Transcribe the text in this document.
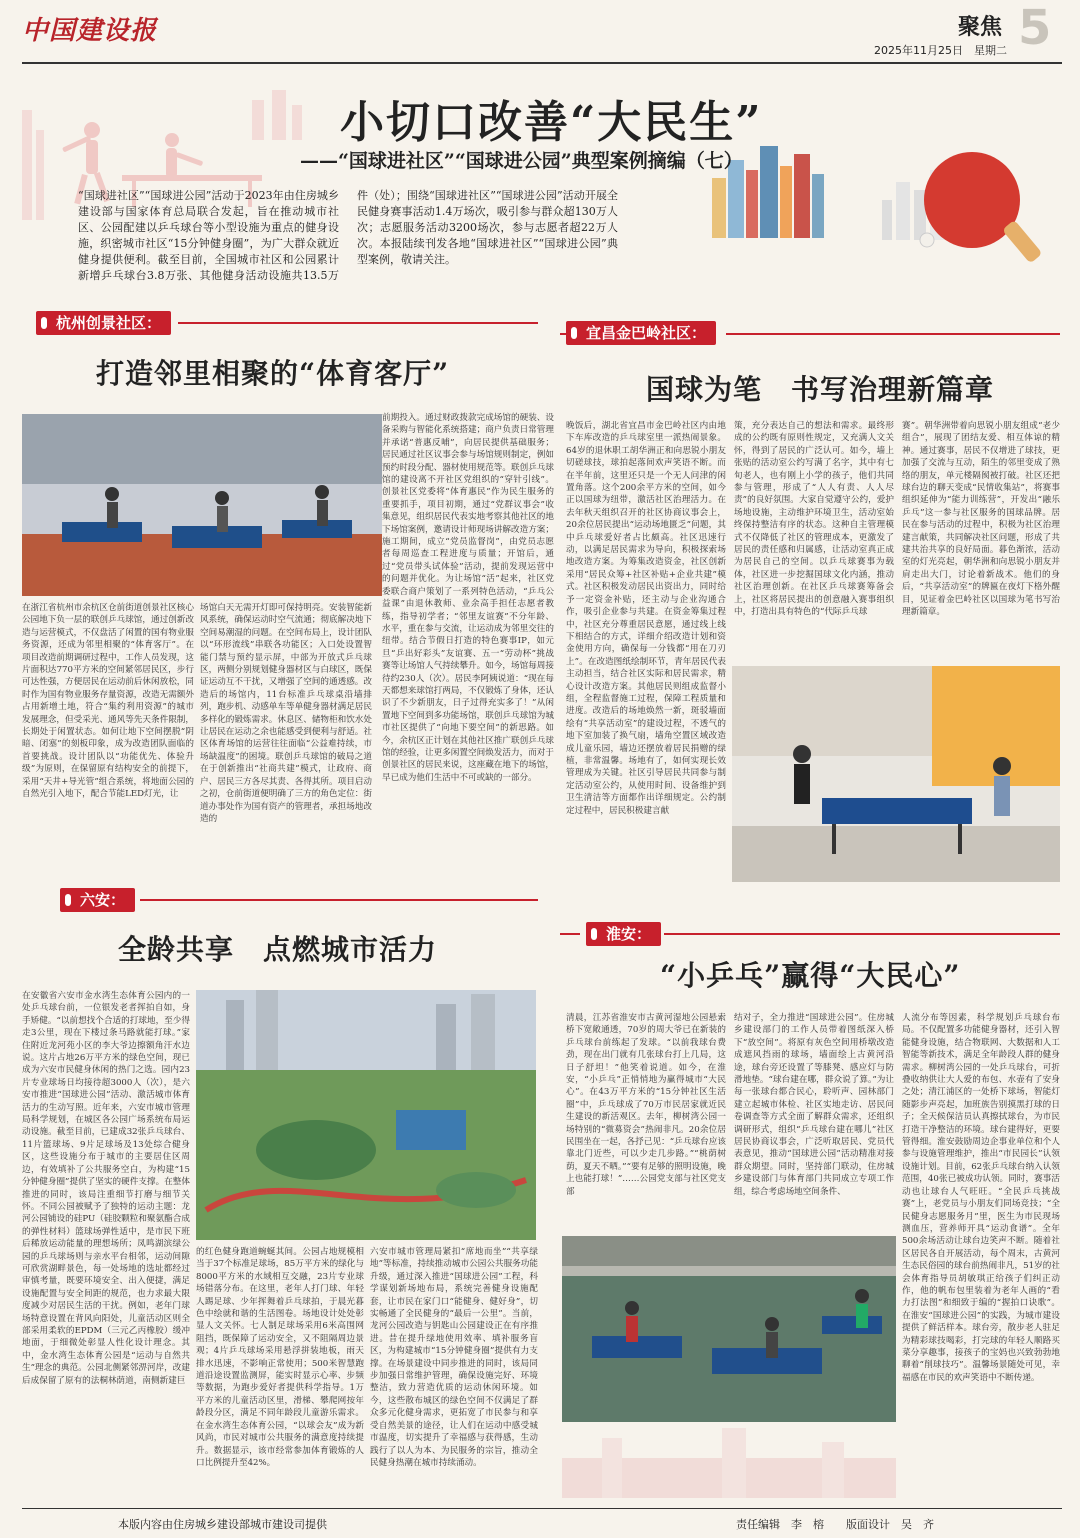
中国建设报	聚焦 5
2025年11月25日　星期二
小切口改善“大民生”
——“国球进社区”“国球进公园”典型案例摘编（七）
“国球进社区”“国球进公园”活动于2023年由住房城乡建设部与国家体育总局联合发起，旨在推动城市社区、公园配建以乒乓球台等小型设施为重点的健身设施，织密城市社区“15分钟健身圈”，为广大群众就近健身提供便利。截至目前，全国城市社区和公园累计新增乒乓球台3.8万张、其他健身活动设施共13.5万件（处）；围绕“国球进社区”“国球进公园”活动开展全民健身赛事活动1.4万场次，吸引参与群众超130万人次；志愿服务活动3200场次，参与志愿者超22万人次。本报陆续刊发各地“国球进社区”“国球进公园”典型案例，敬请关注。
杭州创景社区：
打造邻里相聚的“体育客厅”
在浙江省杭州市余杭区仓前街道创景社区核心公园地下负一层的联创乒乓球馆，通过创新改造与运营模式，不仅盘活了闲置的国有物业服务资源，还成为邻里相聚的“体育客厅”。在项目改造前期调研过程中，工作人员发现，这片面积达770平方米的空间紧邻居民区，步行可达性强，方便居民在运动前后休闲放松，同时作为国有物业服务存量资源，改造无需额外占用新增土地，符合“集约利用资源”的城市发展理念，但受采光、通风等先天条件限制，长期处于闲置状态。如何让地下空间摆脱“阴暗、闭塞”的刻板印象，成为改造团队面临的首要挑战。设计团队以“功能优先、体验升级”为原则，在保留原有结构安全的前提下，采用“天井+导光管”组合系统，将地面公园的自然光引入地下，配合节能LED灯光，让
场馆白天无需开灯即可保持明亮。安装智能新风系统，确保运动时空气流通；彻底解决地下空间易潮湿的问题。在空间布局上，设计团队以“环形流线”串联各功能区；入口处设置智能门禁与预约显示屏，中部为开放式乒乓球区，两侧分别规划健身器材区与白球区，既保证运动互不干扰，又增强了空间的通透感。改造后的场馆内，11台标准乒乓球桌沿墙排列，跑步机、动感单车等单健身器材满足居民多样化的锻炼需求。休息区、储物柜和饮水处让居民在运动之余也能感受到便利与舒适。社区体育场馆的运营往往面临“公益难持续，市场缺温度”的困境。联创乒乓球馆的破局之道在于创新推出“社商共建”模式，让政府、商户、居民三方各尽其责、各得其所。项目启动之初，仓前街道便明确了三方的角色定位：街道办事处作为国有资产的管理者，承担场地改造的
前期投入。通过财政拨款完成场馆的硬装、设备采购与智能化系统搭建；商户负责日常管理并承诺“普惠反哺”，向居民提供基础服务；居民通过社区议事会参与场馆规则制定，例如预约时段分配、器材使用规范等。联创乒乓球馆的建设离不开社区党组织的“穿针引线”。创景社区党委将“体育惠民”作为民生服务的重要抓手，项目初期，通过“党群议事会”收集意见，组织居民代表实地考察其他社区的地下场馆案例，邀请设计师现场讲解改造方案；施工期间，成立“党员监督岗”，由党员志愿者每周巡查工程进度与质量；开馆后，通过“党员带头试体验”活动，提前发现运营中的问题并优化。为让场馆“活”起来，社区党委联合商户策划了一系列特色活动，“乒乓公益课”由退休教师、业余高手担任志愿者教练，指导初学者；“邻里友谊赛”不分年龄、水平，重在参与交流，让运动成为邻里交往的纽带。结合节假日打造的特色赛事IP，如元旦“乒出好彩头”友谊赛、五一“劳动杯”挑战赛等让场馆人气持续攀升。如今，场馆每周接待约230人（次）。居民李阿姨说道：“现在每天都想来球馆打两局，不仅锻炼了身体，还认识了不少新朋友，日子过得充实多了！”从闲置地下空间到多功能场馆，联创乒乓球馆为城市社区提供了“向地下要空间”的新思路。如今，余杭区正计划在其他社区推广联创乒乓球馆的经验，让更多闲置空间焕发活力，而对于创景社区的居民来说，这座藏在地下的场馆，早已成为他们生活中不可或缺的一部分。
宜昌金巴岭社区：
国球为笔　书写治理新篇章
晚饭后，湖北省宜昌市金巴岭社区内由地下车库改造的乒乓球室里一派热闹景象。64岁的退休职工胡华洲正和向思锐小朋友切磋球技，球拍起落间欢声笑语不断。而在半年前，这里还只是一个无人问津的闲置角落。这个200余平方米的空间，如今正以国球为纽带，激活社区治理活力。在去年秋天组织召开的社区协商议事会上，20余位居民提出“运动场地匮乏”问题，其中乒乓球爱好者占比颇高。社区迅速行动，以满足居民需求为导向，积极探索场地改造方案。为筹集改造资金，社区创新采用“居民众筹+社区补贴+企业共建”模式。社区积极发动居民出资出力，同时给予一定资金补贴，还主动与企业沟通合作，吸引企业参与共建。在资金筹集过程中，社区充分尊重居民意愿，通过线上线下相结合的方式，详细介绍改造计划和资金使用方向，确保每一分钱都“用在刀刃上”。在改造图纸绘制环节，青年居民代表主动担当，结合社区实际和居民需求，精心设计改造方案。其他居民则组成监督小组，全程监督施工过程，保障工程质量和进度。改造后的场地焕然一新，斑驳墙面绘有“共享活动室”的建设过程，不透气的地下室加装了换气扇，墙角空置区域改造成儿童乐园，墙边还摆放着居民捐赠的绿植，非常温馨。场地有了，如何实现长效管理成为关键。社区引导居民共同参与制定活动室公约，从使用时间、设备维护到卫生清洁等方面都作出详细规定。公约制定过程中，居民积极建言献
策，充分表达自己的想法和需求。最终形成的公约既有原则性规定，又充满人文关怀，得到了居民的广泛认可。如今，墙上张贴的活动室公约写满了名字，其中有七旬老人，也有刚上小学的孩子，他们共同参与管理，形成了“人人有责、人人尽责”的良好氛围。大家自觉遵守公约，爱护场地设施，主动维护环境卫生，活动室始终保持整洁有序的状态。这种自主管理模式不仅降低了社区的管理成本，更激发了居民的责任感和归属感，让活动室真正成为居民自己的空间。以乒乓球赛事为载体，社区进一步挖掘国球文化内涵，推动社区治理创新。在社区乒乓球赛筹备会上，社区将居民提出的创意融入赛事组织中，打造出具有特色的“代际乒乓球
赛”。朝华洲带着向思锐小朋友组成“老少组合”，展现了团结友爱、相互体谅的精神。通过赛事，居民不仅增进了球技，更加强了交流与互动，陌生的邻里变成了熟络的朋友，单元楼隔阂被打破。社区还把球台边的聊天变成“民情收集站”，将赛事组织延伸为“能力训练营”，开发出“融乐乒乓”这一参与社区服务的国球品牌。居民在参与活动的过程中，积极为社区治理建言献策，共同解决社区问题，形成了共建共治共享的良好局面。暮色渐浓，活动室的灯光亮起，朝华洲和向思锐小朋友并肩走出大门，讨论着新战术。他们的身后，“共享活动室”的牌匾在夜灯下格外醒目，见证着金巴岭社区以国球为笔书写治理新篇章。
六安：
全龄共享　点燃城市活力
在安徽省六安市金水湾生态体育公园内的一处乒乓球台前，一位银发老者挥拍自如，身手矫健。“以前想找个合适的打球地，至少得走3公里，现在下楼过条马路就能打球。”家住附近龙河苑小区的李大爷边擦额角汗水边说。这片占地26万平方米的绿色空间，现已成为六安市民健身休闲的热门之选。园内23片专业球场日均接待超3000人（次），是六安市推进“国球进公园”活动、激活城市体育活力的生动写照。近年来，六安市城市管理局科学规划，在城区各公园广场系统布局运动设施。截至目前，已建成32张乒乓球台、11片篮球场、9片足球场及13处综合健身区，这些设施分布于城市的主要居住区周边，有效填补了公共服务空白，为构建“15分钟健身圈”提供了坚实的硬件支撑。在整体推进的同时，该局注重细节打磨与细节关怀。不同公园被赋予了独特的运动主题：龙河公园铺设的硅PU（硅胶颗粒和聚氨酯合成的弹性材料）篮球场弹性适中，是市民下班后稀放运动能量的理想场所；凤鸣湖滨绿公园的乒乓球场则与亲水平台相邻，运动间隙可欣赏湖畔景色，每一处场地的选址都经过审慎考量，既要环境安全、出入便捷，满足设施配置与安全间距的规范，也力求最大限度减少对居民生活的干扰。例如，老年门球场特意设置在背风向阳处，儿童活动区则全部采用柔软的EPDM（三元乙丙橡胶）缓冲地面，于细微处彰显人性化设计理念。其中，金水湾生态体育公园是“运动与自然共生”理念的典范。公园北侧紧邻淠河岸，改建后成保留了原有的法桐林荫道，南侧新建巨
的红色健身跑道蜿蜒其间。公园占地规模相当于37个标准足球场，85万平方米的绿化与8000平方米的水域相互交融，23片专业球场错落分布。在这里，老年人打门球、年轻人踢足球、少年挥舞着乒乓球拍，于晨光暮色中绘就和谐的生活图卷。场地设计处处彰显人文关怀。七人制足球场采用6米高围网阻挡，既保障了运动安全，又不阻隔周边景观；4片乒乓球场采用悬浮拼装地板，雨天排水迅速，不影响正常使用；500米智慧跑道沿途设置监测屏，能实时显示心率、步频等数据，为跑步爱好者提供科学指导。1万平方米的儿童活动区里，滑梯、攀爬网按年龄段分区，满足不同年龄段儿童游乐需求。在金水湾生态体育公园，“以球会友”成为新风尚，市民对城市公共服务的满意度持续提升。数据显示，该市经常参加体育锻炼的人口比例提升至42%。
六安市城市管理局紧扣“席地而坐”“共享绿地”等标准，持续推动城市公园公共服务功能升级，通过深入推进“国球进公园”工程，科学谋划新场地布局，系统完善健身设施配套，让市民在家门口“能健身、健好身”，切实畅通了全民健身的“最后一公里”。当前，龙河公园改造与钥匙山公园建设正在有序推进。昔在提升绿地使用效率、填补服务盲区，为构建城市“15分钟健身圈”提供有力支撑。在场景建设中同步推进的同时，该局同步加强日常维护管理，确保设施完好、环境整洁，致力营造优质的运动休闲环境。如今，这些散布城区的绿色空间不仅满足了群众多元化健身需求，更拓宽了市民参与和享受自然美景的途径，让人们在运动中感受城市温度，切实提升了幸福感与获得感，生动践行了以人为本、为民服务的宗旨，推动全民健身热潮在城市持续涌动。
淮安：
“小乒乓”赢得“大民心”
清晨，江苏省淮安市古黄河湿地公园悬索桥下宽敞通透，70岁的周大爷已在新装的乒乓球台前练起了发球。“以前我球台费劲，现在出门就有几张球台打上几局，这日子舒坦！”他笑着说道。如今，在淮安，“小乒乓”正悄悄地为赢得城市“大民心”。在43万平方米的“15分钟社区生活圈”中，乒乓球成了70万市民居家就近民生建设的新活观区。去年，柳树湾公园一场特别的“微募资会”热闹非凡。20余位居民围坐在一起，各抒己见：“乒乓球台应该靠北门近些，可以少走几步路。”“桃荫树荫，夏天不晒。”“要有足够的照明设施，晚上也能打球！”……公园党支部与社区党支部
结对子，全力推进“国球进公园”。住房城乡建设部门的工作人员带着图纸深入桥下“放空间”。将原有灰色空间用桥墩改造成遮风挡雨的球场，墙面绘上古黄河沿途，球台旁还设置了等膝凳、感应灯与防滑地垫。“球台建在哪，群众说了算。”为让每一张球台都合民心，聆听声、园林部门建立起城市体检、社区实地走访、居民问卷调查等方式全面了解群众需求，还组织调研形式，组织“乒乓球台建在哪儿”社区居民协商议事会，广泛听取居民、党员代表意见，推动“国球进公园”活动精准对接群众期望。同时，坚持部门联动，住房城乡建设部门与体育部门共同成立专项工作组，综合考虑场地空间条件、
人流分布等因素，科学规划乒乓球台布局。不仅配置多功能健身器材，还引入智能健身设施，结合物联网、大数据和人工智能等新技术，满足全年龄段人群的健身需求。柳树湾公园的一处乒乓球台，可折叠收纳供让大人爱的布包、水壶有了安身之处；清江浦区的一处桥下球场，智能灯随影步声亮起，加班族告别摸黑打球的日子；全天候保洁员认真擦拭球台，为市民打造干净整洁的环境。球台建得好，更要管得细。淮安鼓励周边企事业单位和个人参与设施管理维护，推出“市民园长”认领设施计划。目前，62张乒乓球台纳入认领范围，40张已被成功认领。同时，赛事活动也让球台人气旺旺。“全民乒乓挑战赛”上，老党员与小朋友们同场竞技；“全民健身志愿服务月”里，医生为市民现场测血压，营养师开具“运动食谱”。全年500余场活动让球台边笑声不断。随着社区居民各自开展活动，每个周末，古黄河生态民俗园的球台前热闹非凡，51岁的社会体育指导员胡敏琪正给孩子们纠正动作，他的帆布包里装着为老年人画的“看力打法图”和细致于编的“握拍口诀歌”。在淮安“国球进公园”的实践，为城市建设提供了鲜活样本。球台旁，散步老人驻足为精彩球技喝彩，打完球的年轻人顺路买菜分享趣事，接孩子的宝妈也兴致勃勃地聊着“削球技巧”。温馨场景随处可见，幸福感在市民的欢声笑语中不断传递。
本版内容由住房城乡建设部城市建设司提供	责任编辑　李　榕　　版面设计　吴　齐
